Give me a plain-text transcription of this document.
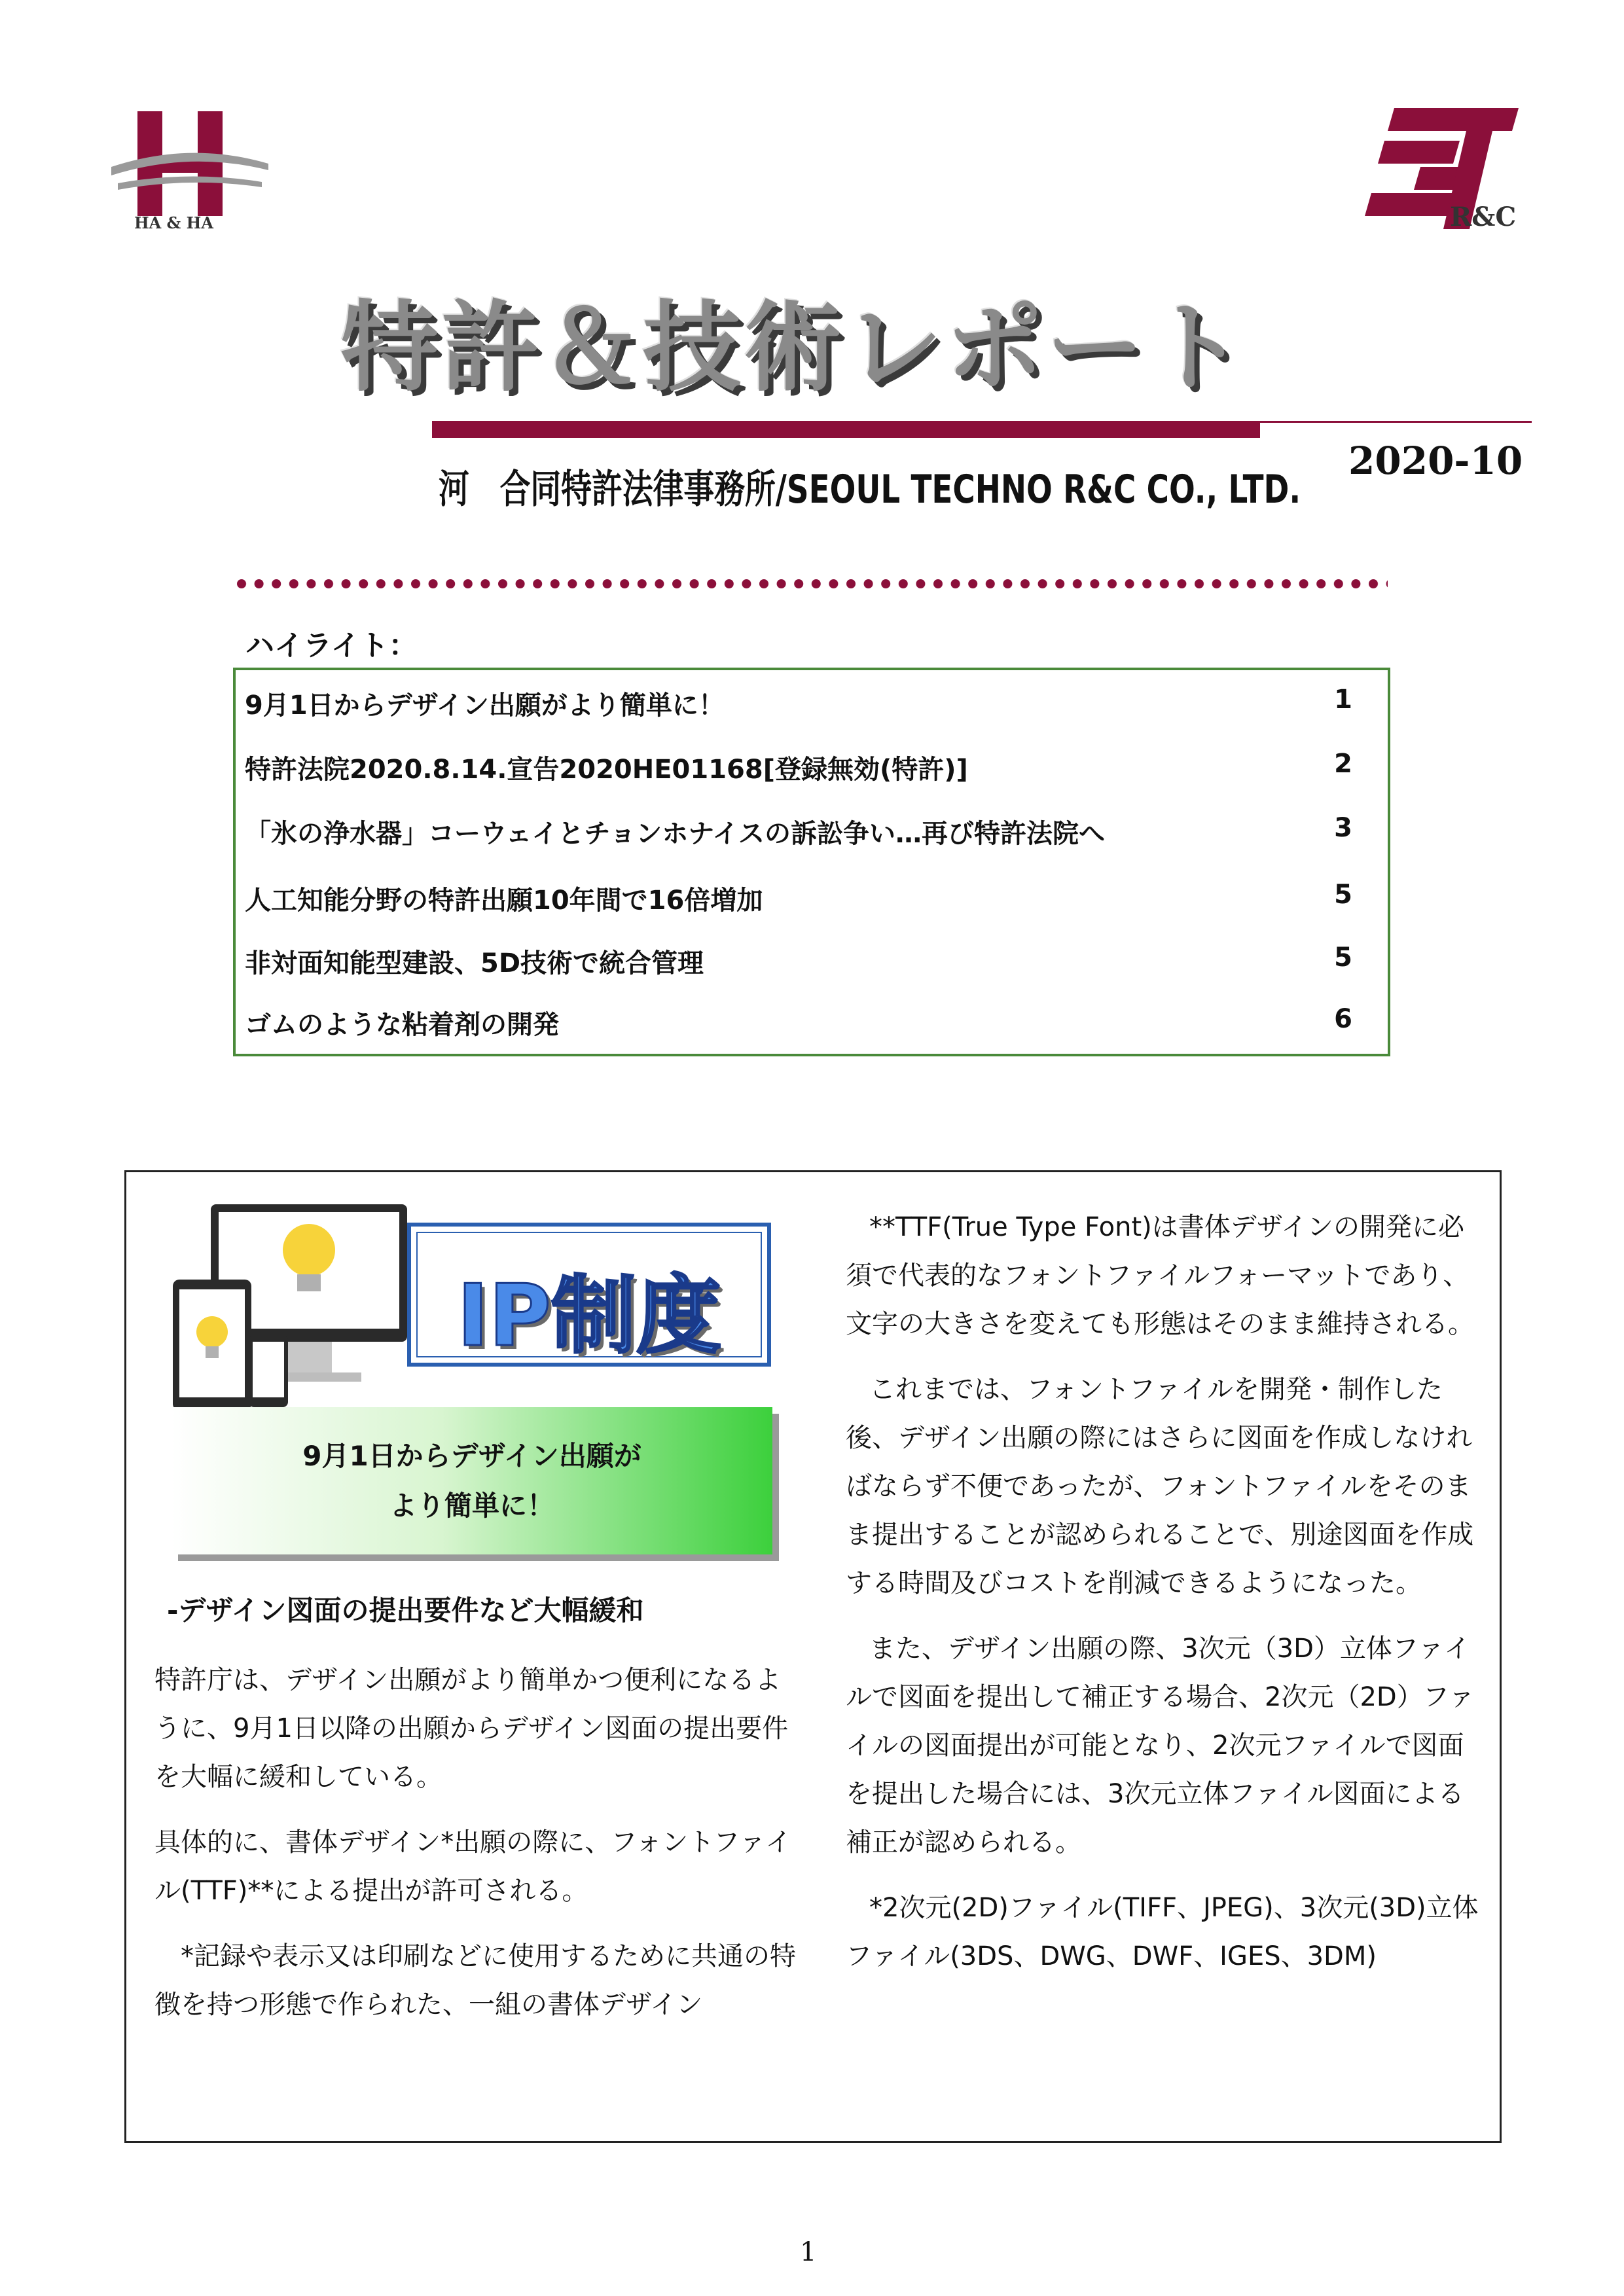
HA & HA	R&C
特許＆技術レポート
河　合同特許法律事務所/SEOUL TECHNO R&C CO., LTD.
2020-10
ハイライト：
9月1日からデザイン出願がより簡単に！	1
特許法院2020.8.14.宣告2020HE01168[登録無効(特許)]	2
「氷の浄水器」コーウェイとチョンホナイスの訴訟争い…再び特許法院へ	3
人工知能分野の特許出願10年間で16倍増加	5
非対面知能型建設、5D技術で統合管理	5
ゴムのような粘着剤の開発	6
IP制度
9月1日からデザイン出願が
より簡単に！
-デザイン図面の提出要件など大幅緩和

特許庁は、デザイン出願がより簡単かつ便利になるように、9月1日以降の出願からデザイン図面の提出要件を大幅に緩和している。

具体的に、書体デザイン*出願の際に、フォントファイル(TTF)**による提出が許可される。

*記録や表示又は印刷などに使用するために共通の特徴を持つ形態で作られた、一組の書体デザイン

**TTF(True Type Font)は書体デザインの開発に必須で代表的なフォントファイルフォーマットであり、文字の大きさを変えても形態はそのまま維持される。

これまでは、フォントファイルを開発・制作した後、デザイン出願の際にはさらに図面を作成しなければならず不便であったが、フォントファイルをそのまま提出することが認められることで、別途図面を作成する時間及びコストを削減できるようになった。

また、デザイン出願の際、3次元（3D）立体ファイルで図面を提出して補正する場合、2次元（2D）ファイルの図面提出が可能となり、2次元ファイルで図面を提出した場合には、3次元立体ファイル図面による補正が認められる。

*2次元(2D)ファイル(TIFF、JPEG)、3次元(3D)立体ファイル(3DS、DWG、DWF、IGES、3DM)

1
